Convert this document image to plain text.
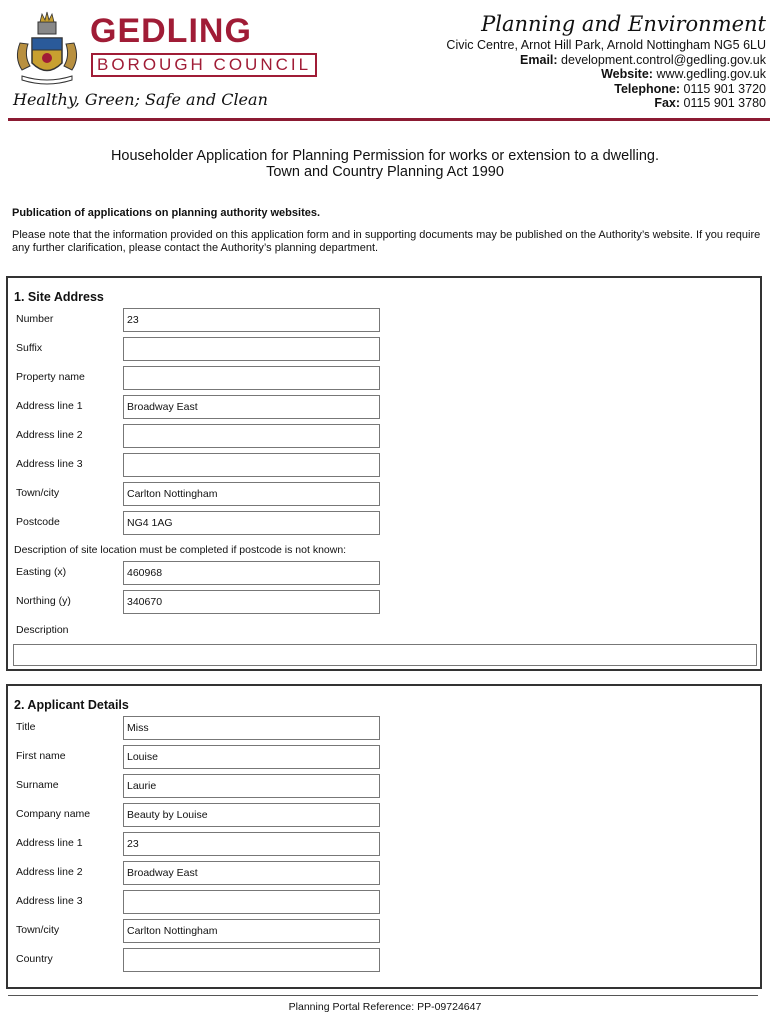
GEDLING
BOROUGH COUNCIL
Healthy, Green; Safe and Clean
Planning and Environment
Civic Centre, Arnot Hill Park, Arnold Nottingham NG5 6LU
Email: development.control@gedling.gov.uk
Website: www.gedling.gov.uk
Telephone: 0115 901 3720
Fax: 0115 901 3780
Householder Application for Planning Permission for works or extension to a dwelling.
Town and Country Planning Act 1990
Publication of applications on planning authority websites.
Please note that the information provided on this application form and in supporting documents may be published on the Authority’s website. If you require any further clarification, please contact the Authority’s planning department.
1. Site Address
Number	23
Suffix
Property name
Address line 1	Broadway East
Address line 2
Address line 3
Town/city	Carlton Nottingham
Postcode	NG4 1AG
Description of site location must be completed if postcode is not known:
Easting (x)	460968
Northing (y)	340670
Description
2. Applicant Details
Title	Miss
First name	Louise
Surname	Laurie
Company name	Beauty by Louise
Address line 1	23
Address line 2	Broadway East
Address line 3
Town/city	Carlton Nottingham
Country
Planning Portal Reference: PP-09724647
